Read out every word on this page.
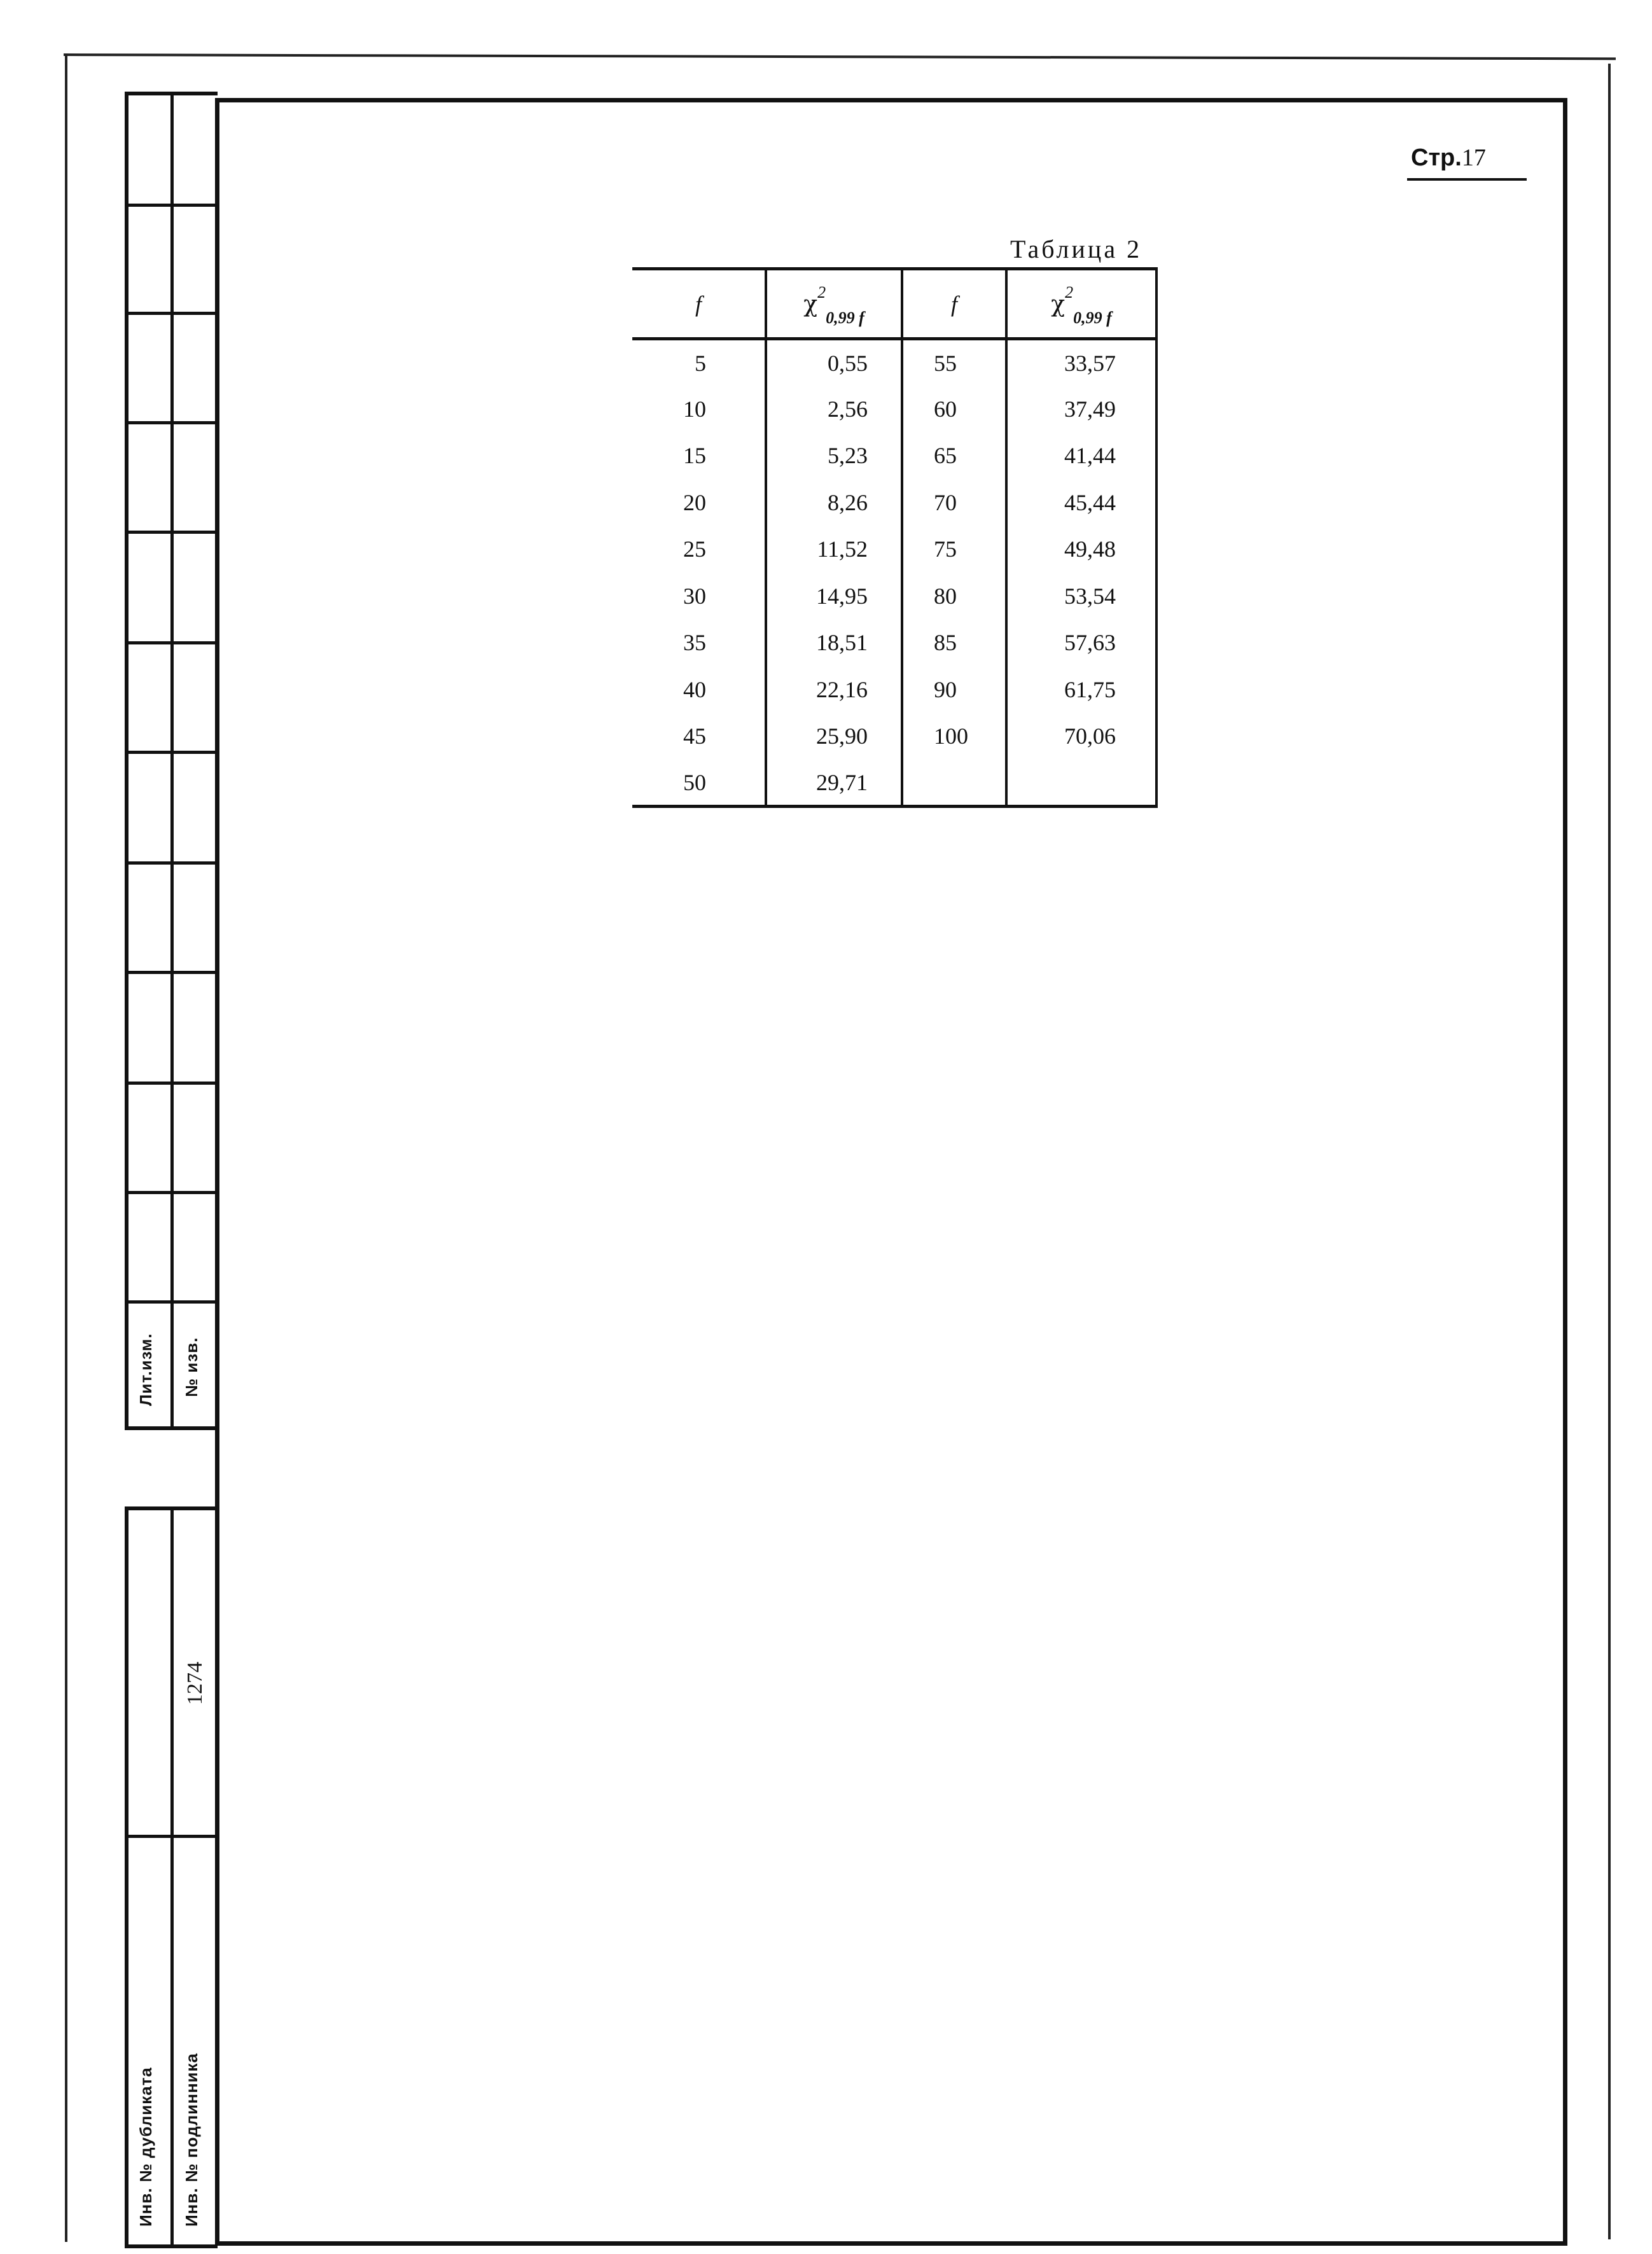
Лит.изм. № изв.
1274
Инв. № дубликата Инв. № подлинника
Стр.17
Таблица 2
f	$\chi^2_{0,99 f}$	f	$\chi^2_{0,99 f}$
5	0,55	55	33,57
10	2,56	60	37,49
15	5,23	65	41,44
20	8,26	70	45,44
25	11,52	75	49,48
30	14,95	80	53,54
35	18,51	85	57,63
40	22,16	90	61,75
45	25,90	100	70,06
50	29,71		
